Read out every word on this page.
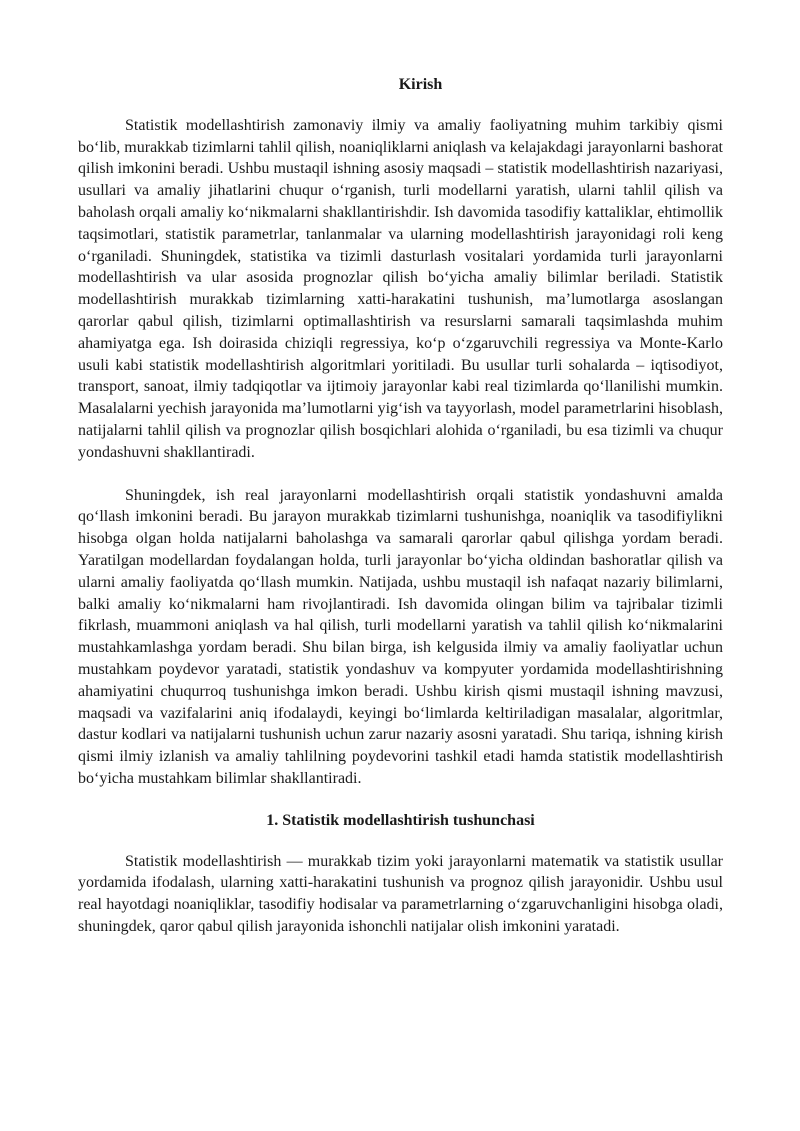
Kirish

Statistik modellashtirish zamonaviy ilmiy va amaliy faoliyatning muhim tarkibiy qismi boʻlib, murakkab tizimlarni tahlil qilish, noaniqliklarni aniqlash va kelajakdagi jarayonlarni bashorat qilish imkonini beradi. Ushbu mustaqil ishning asosiy maqsadi – statistik modellashtirish nazariyasi, usullari va amaliy jihatlarini chuqur oʻrganish, turli modellarni yaratish, ularni tahlil qilish va baholash orqali amaliy koʻnikmalarni shakllantirishdir. Ish davomida tasodifiy kattaliklar, ehtimollik taqsimotlari, statistik parametrlar, tanlanmalar va ularning modellashtirish jarayonidagi roli keng oʻrganiladi. Shuningdek, statistika va tizimli dasturlash vositalari yordamida turli jarayonlarni modellashtirish va ular asosida prognozlar qilish boʻyicha amaliy bilimlar beriladi. Statistik modellashtirish murakkab tizimlarning xatti-harakatini tushunish, maʼlumotlarga asoslangan qarorlar qabul qilish, tizimlarni optimallashtirish va resurslarni samarali taqsimlashda muhim ahamiyatga ega. Ish doirasida chiziqli regressiya, koʻp oʻzgaruvchili regressiya va Monte-Karlo usuli kabi statistik modellashtirish algoritmlari yoritiladi. Bu usullar turli sohalarda – iqtisodiyot, transport, sanoat, ilmiy tadqiqotlar va ijtimoiy jarayonlar kabi real tizimlarda qoʻllanilishi mumkin. Masalalarni yechish jarayonida maʼlumotlarni yigʻish va tayyorlash, model parametrlarini hisoblash, natijalarni tahlil qilish va prognozlar qilish bosqichlari alohida oʻrganiladi, bu esa tizimli va chuqur yondashuvni shakllantiradi.

Shuningdek, ish real jarayonlarni modellashtirish orqali statistik yondashuvni amalda qoʻllash imkonini beradi. Bu jarayon murakkab tizimlarni tushunishga, noaniqlik va tasodifiylikni hisobga olgan holda natijalarni baholashga va samarali qarorlar qabul qilishga yordam beradi. Yaratilgan modellardan foydalangan holda, turli jarayonlar boʻyicha oldindan bashoratlar qilish va ularni amaliy faoliyatda qoʻllash mumkin. Natijada, ushbu mustaqil ish nafaqat nazariy bilimlarni, balki amaliy koʻnikmalarni ham rivojlantiradi. Ish davomida olingan bilim va tajribalar tizimli fikrlash, muammoni aniqlash va hal qilish, turli modellarni yaratish va tahlil qilish koʻnikmalarini mustahkamlashga yordam beradi. Shu bilan birga, ish kelgusida ilmiy va amaliy faoliyatlar uchun mustahkam poydevor yaratadi, statistik yondashuv va kompyuter yordamida modellashtirishning ahamiyatini chuqurroq tushunishga imkon beradi. Ushbu kirish qismi mustaqil ishning mavzusi, maqsadi va vazifalarini aniq ifodalaydi, keyingi boʻlimlarda keltiriladigan masalalar, algoritmlar, dastur kodlari va natijalarni tushunish uchun zarur nazariy asosni yaratadi. Shu tariqa, ishning kirish qismi ilmiy izlanish va amaliy tahlilning poydevorini tashkil etadi hamda statistik modellashtirish boʻyicha mustahkam bilimlar shakllantiradi.

1. Statistik modellashtirish tushunchasi

Statistik modellashtirish — murakkab tizim yoki jarayonlarni matematik va statistik usullar yordamida ifodalash, ularning xatti-harakatini tushunish va prognoz qilish jarayonidir. Ushbu usul real hayotdagi noaniqliklar, tasodifiy hodisalar va parametrlarning oʻzgaruvchanligini hisobga oladi, shuningdek, qaror qabul qilish jarayonida ishonchli natijalar olish imkonini yaratadi.
